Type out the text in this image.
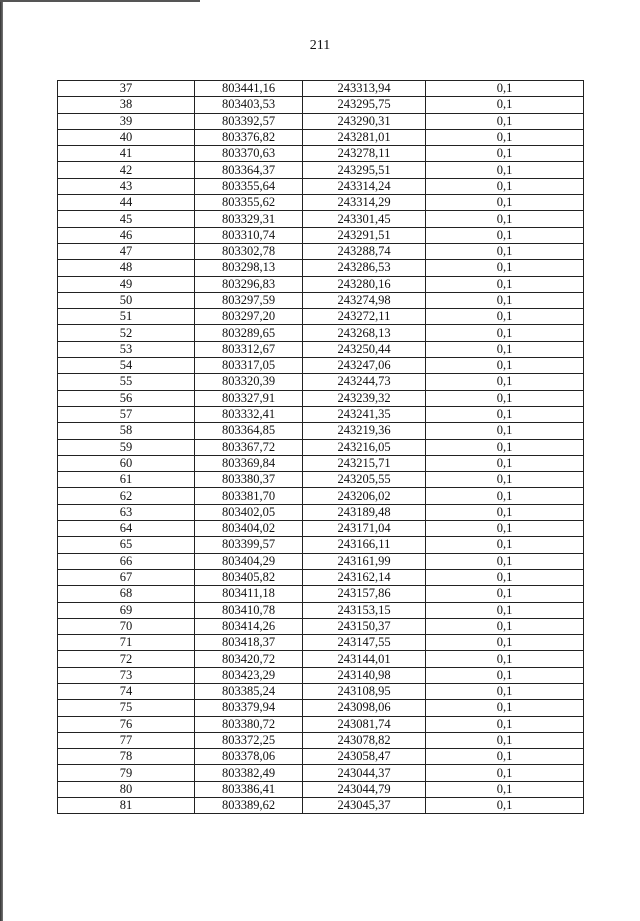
211
37	803441,16	243313,94	0,1
38	803403,53	243295,75	0,1
39	803392,57	243290,31	0,1
40	803376,82	243281,01	0,1
41	803370,63	243278,11	0,1
42	803364,37	243295,51	0,1
43	803355,64	243314,24	0,1
44	803355,62	243314,29	0,1
45	803329,31	243301,45	0,1
46	803310,74	243291,51	0,1
47	803302,78	243288,74	0,1
48	803298,13	243286,53	0,1
49	803296,83	243280,16	0,1
50	803297,59	243274,98	0,1
51	803297,20	243272,11	0,1
52	803289,65	243268,13	0,1
53	803312,67	243250,44	0,1
54	803317,05	243247,06	0,1
55	803320,39	243244,73	0,1
56	803327,91	243239,32	0,1
57	803332,41	243241,35	0,1
58	803364,85	243219,36	0,1
59	803367,72	243216,05	0,1
60	803369,84	243215,71	0,1
61	803380,37	243205,55	0,1
62	803381,70	243206,02	0,1
63	803402,05	243189,48	0,1
64	803404,02	243171,04	0,1
65	803399,57	243166,11	0,1
66	803404,29	243161,99	0,1
67	803405,82	243162,14	0,1
68	803411,18	243157,86	0,1
69	803410,78	243153,15	0,1
70	803414,26	243150,37	0,1
71	803418,37	243147,55	0,1
72	803420,72	243144,01	0,1
73	803423,29	243140,98	0,1
74	803385,24	243108,95	0,1
75	803379,94	243098,06	0,1
76	803380,72	243081,74	0,1
77	803372,25	243078,82	0,1
78	803378,06	243058,47	0,1
79	803382,49	243044,37	0,1
80	803386,41	243044,79	0,1
81	803389,62	243045,37	0,1
